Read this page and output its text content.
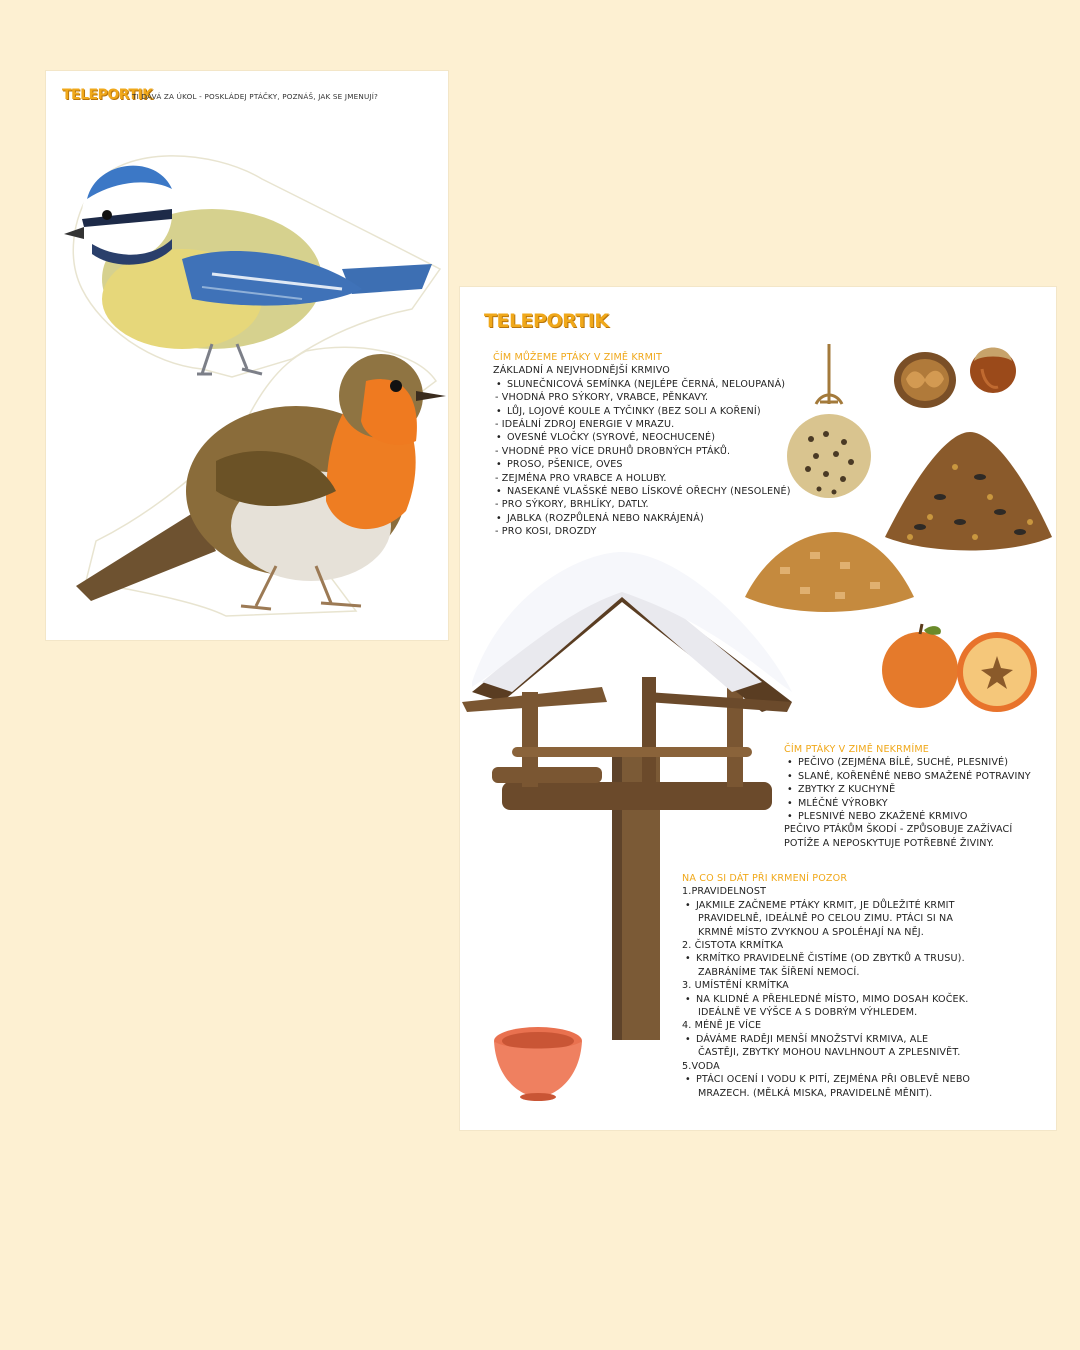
TELEPORTIK
TI DÁVÁ ZA ÚKOL - POSKLÁDEJ PTÁČKY, POZNÁŠ, JAK SE JMENUJÍ?
TELEPORTIK
ČÍM MŮŽEME PTÁKY V ZIMĚ KRMIT
ZÁKLADNÍ A NEJVHODNĚJŠÍ KRMIVO
• SLUNEČNICOVÁ SEMÍNKA (NEJLÉPE ČERNÁ, NELOUPANÁ)
- VHODNÁ PRO SÝKORY, VRABCE, PĚNKAVY.
• LŮJ, LOJOVÉ KOULE A TYČINKY (BEZ SOLI A KOŘENÍ)
- IDEÁLNÍ ZDROJ ENERGIE V MRAZU.
• OVESNÉ VLOČKY (SYROVÉ, NEOCHUCENÉ)
- VHODNÉ PRO VÍCE DRUHŮ DROBNÝCH PTÁKŮ.
• PROSO, PŠENICE, OVES
- ZEJMÉNA PRO VRABCE A HOLUBY.
• NASEKANÉ VLAŠSKÉ NEBO LÍSKOVÉ OŘECHY (NESOLENÉ)
- PRO SÝKORY, BRHLÍKY, DATLY.
• JABLKA (ROZPŮLENÁ NEBO NAKRÁJENÁ)
- PRO KOSI, DROZDY
ČÍM PTÁKY V ZIMĚ NEKRMÍME
• PEČIVO (ZEJMÉNA BÍLÉ, SUCHÉ, PLESNIVÉ)
• SLANÉ, KOŘENĚNÉ NEBO SMAŽENÉ POTRAVINY
• ZBYTKY Z KUCHYNĚ
• MLÉČNÉ VÝROBKY
• PLESNIVÉ NEBO ZKAŽENÉ KRMIVO
PEČIVO PTÁKŮM ŠKODÍ - ZPŮSOBUJE ZAŽÍVACÍ
POTÍŽE A NEPOSKYTUJE POTŘEBNÉ ŽIVINY.
NA CO SI DÁT PŘI KRMENÍ POZOR
1.PRAVIDELNOST
• JAKMILE ZAČNEME PTÁKY KRMIT, JE DŮLEŽITÉ KRMIT
PRAVIDELNĚ, IDEÁLNĚ PO CELOU ZIMU. PTÁCI SI NA
KRMNÉ MÍSTO ZVYKNOU A SPOLÉHAJÍ NA NĚJ.
2. ČISTOTA KRMÍTKA
• KRMÍTKO PRAVIDELNĚ ČISTÍME (OD ZBYTKŮ A TRUSU).
ZABRÁNÍME TAK ŠÍŘENÍ NEMOCÍ.
3. UMÍSTĚNÍ KRMÍTKA
• NA KLIDNÉ A PŘEHLEDNÉ MÍSTO, MIMO DOSAH KOČEK.
IDEÁLNĚ VE VÝŠCE A S DOBRÝM VÝHLEDEM.
4. MÉNĚ JE VÍCE
• DÁVÁME RADĚJI MENŠÍ MNOŽSTVÍ KRMIVA, ALE
ČASTĚJI, ZBYTKY MOHOU NAVLHNOUT A ZPLESNIVĚT.
5.VODA
• PTÁCI OCENÍ I VODU K PITÍ, ZEJMÉNA PŘI OBLEVĚ NEBO
MRAZECH. (MĚLKÁ MISKA, PRAVIDELNĚ MĚNIT).
